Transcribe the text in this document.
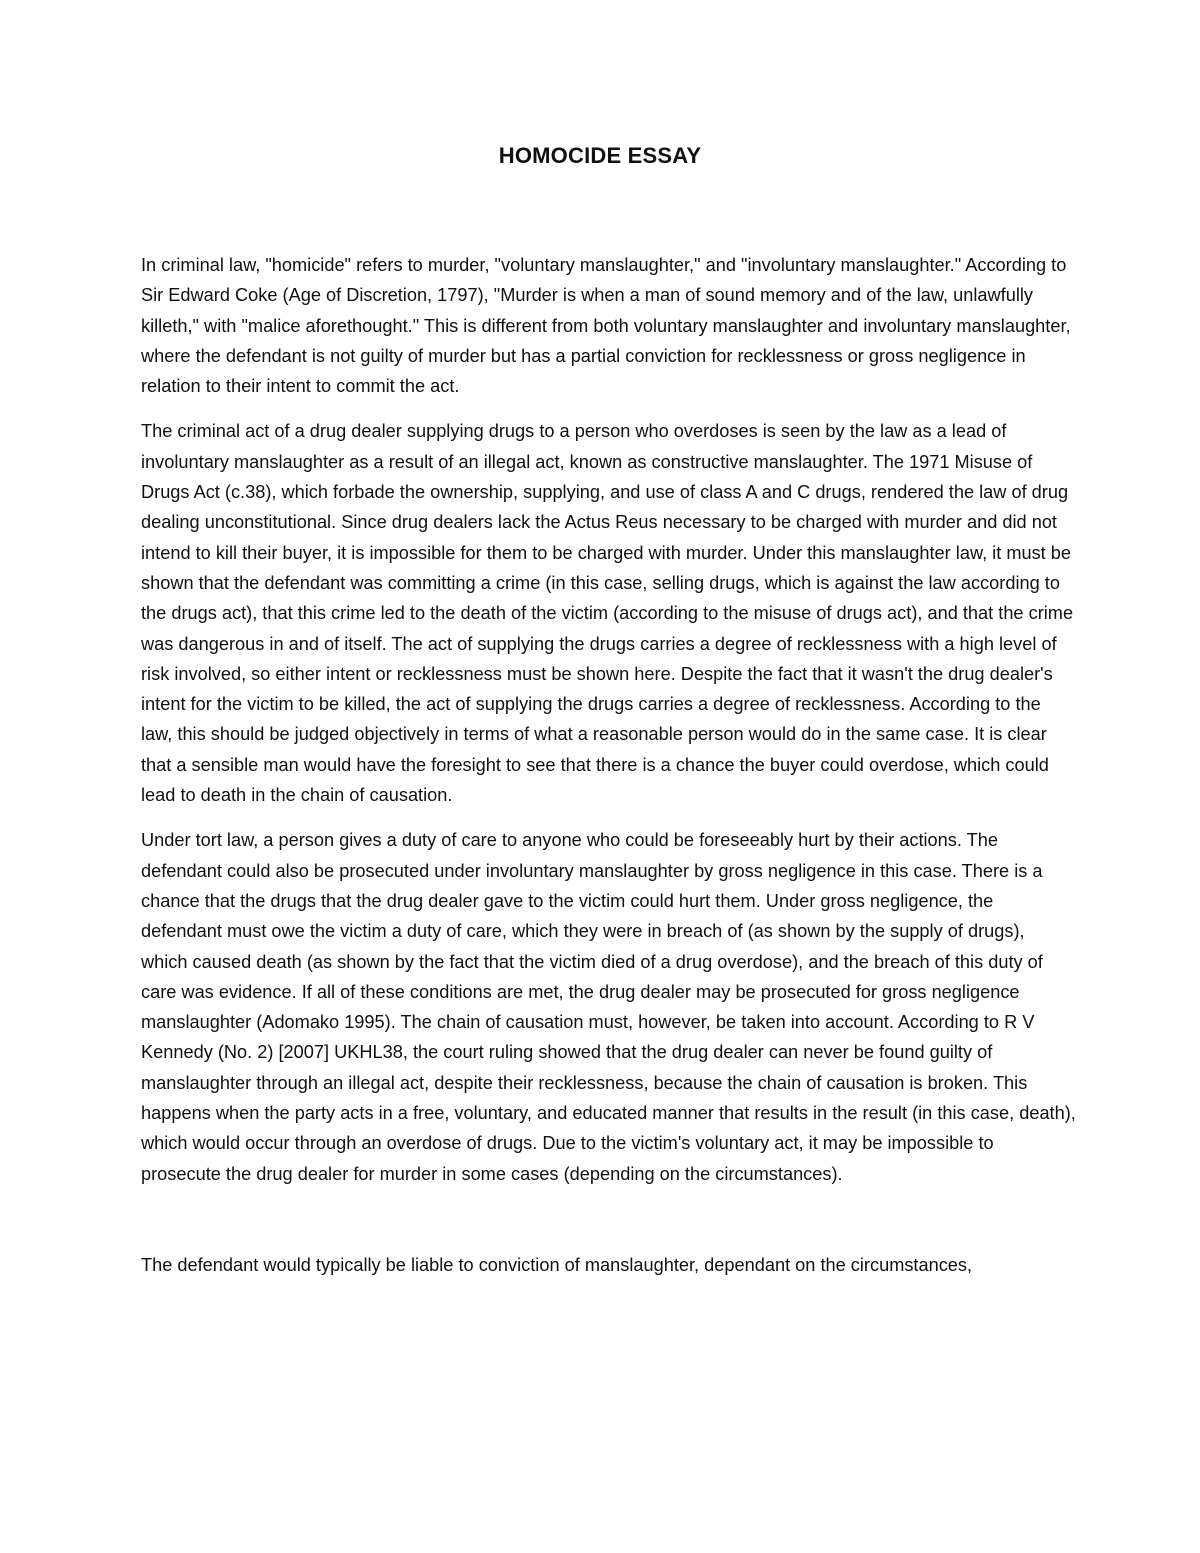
HOMOCIDE ESSAY

In criminal law, "homicide" refers to murder, "voluntary manslaughter," and "involuntary manslaughter." According to Sir Edward Coke (Age of Discretion, 1797), "Murder is when a man of sound memory and of the law, unlawfully killeth," with "malice aforethought." This is different from both voluntary manslaughter and involuntary manslaughter, where the defendant is not guilty of murder but has a partial conviction for recklessness or gross negligence in relation to their intent to commit the act.

The criminal act of a drug dealer supplying drugs to a person who overdoses is seen by the law as a lead of involuntary manslaughter as a result of an illegal act, known as constructive manslaughter. The 1971 Misuse of Drugs Act (c.38), which forbade the ownership, supplying, and use of class A and C drugs, rendered the law of drug dealing unconstitutional. Since drug dealers lack the Actus Reus necessary to be charged with murder and did not intend to kill their buyer, it is impossible for them to be charged with murder. Under this manslaughter law, it must be shown that the defendant was committing a crime (in this case, selling drugs, which is against the law according to the drugs act), that this crime led to the death of the victim (according to the misuse of drugs act), and that the crime was dangerous in and of itself. The act of supplying the drugs carries a degree of recklessness with a high level of risk involved, so either intent or recklessness must be shown here. Despite the fact that it wasn't the drug dealer's intent for the victim to be killed, the act of supplying the drugs carries a degree of recklessness. According to the law, this should be judged objectively in terms of what a reasonable person would do in the same case. It is clear that a sensible man would have the foresight to see that there is a chance the buyer could overdose, which could lead to death in the chain of causation.

Under tort law, a person gives a duty of care to anyone who could be foreseeably hurt by their actions. The defendant could also be prosecuted under involuntary manslaughter by gross negligence in this case. There is a chance that the drugs that the drug dealer gave to the victim could hurt them. Under gross negligence, the defendant must owe the victim a duty of care, which they were in breach of (as shown by the supply of drugs), which caused death (as shown by the fact that the victim died of a drug overdose), and the breach of this duty of care was evidence. If all of these conditions are met, the drug dealer may be prosecuted for gross negligence manslaughter (Adomako 1995). The chain of causation must, however, be taken into account. According to R V Kennedy (No. 2) [2007] UKHL38, the court ruling showed that the drug dealer can never be found guilty of manslaughter through an illegal act, despite their recklessness, because the chain of causation is broken. This happens when the party acts in a free, voluntary, and educated manner that results in the result (in this case, death), which would occur through an overdose of drugs. Due to the victim's voluntary act, it may be impossible to prosecute the drug dealer for murder in some cases (depending on the circumstances).

The defendant would typically be liable to conviction of manslaughter, dependant on the circumstances,
